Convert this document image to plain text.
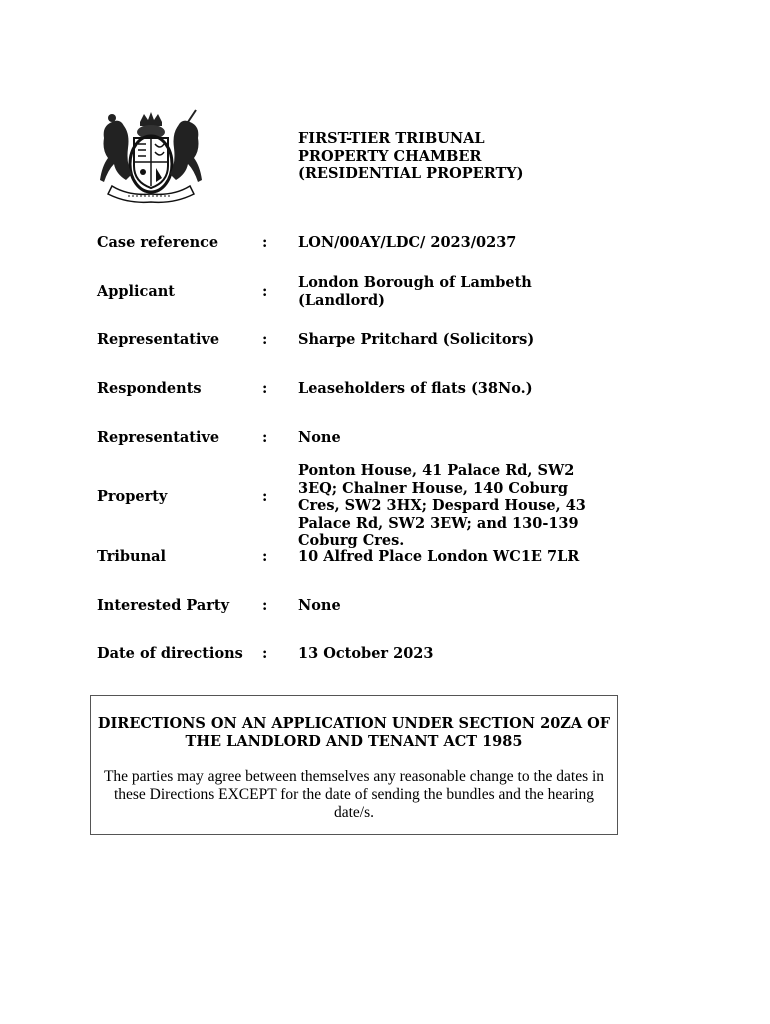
FIRST-TIER TRIBUNAL
PROPERTY CHAMBER
(RESIDENTIAL PROPERTY)
Case reference	: LON/00AY/LDC/ 2023/0237
Applicant	:
London Borough of Lambeth (Landlord)
Representative	: Sharpe Pritchard (Solicitors)
Respondents	: Leaseholders of flats (38No.)
Representative	: None
Property	:
Ponton House, 41 Palace Rd, SW2 3EQ; Chalner House, 140 Coburg Cres, SW2 3HX; Despard House, 43 Palace Rd, SW2 3EW; and 130-139 Coburg Cres.
Tribunal	: 10 Alfred Place London WC1E 7LR
Interested Party : None
Date of directions : 13 October 2023
DIRECTIONS ON AN APPLICATION UNDER SECTION 20ZA OF THE LANDLORD AND TENANT ACT 1985
The parties may agree between themselves any reasonable change to the dates in these Directions EXCEPT for the date of sending the bundles and the hearing date/s.
